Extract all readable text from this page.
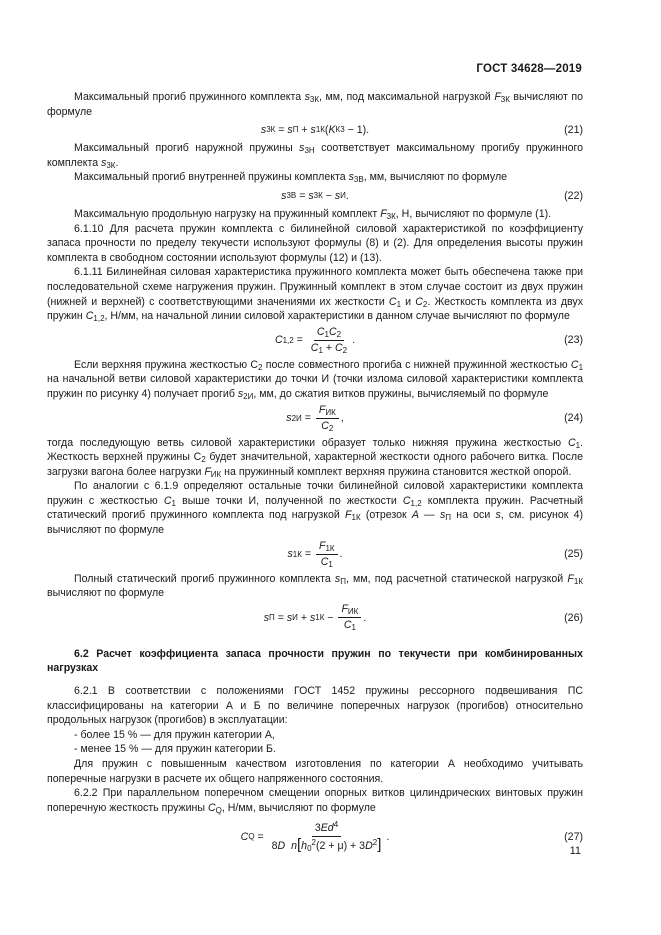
ГОСТ 34628—2019

Максимальный прогиб пружинного комплекта $s_{3К}$, мм, под максимальной нагрузкой $F_{3К}$ вычисляют по формуле

s 3К = s П + s 1К ( K К3 − 1).	(21)

Максимальный прогиб наружной пружины $s_{3Н}$ соответствует максимальному прогибу пружинного комплекта $s_{3К}$.

Максимальный прогиб внутренней пружины комплекта $s_{3В}$, мм, вычисляют по формуле

s 3В = s 3К − s И .	(22)

Максимальную продольную нагрузку на пружинный комплект $F_{3К}$, Н, вычисляют по формуле (1).

6.1.10 Для расчета пружин комплекта с билинейной силовой характеристикой по коэффициенту запаса прочности по пределу текучести используют формулы (8) и (2). Для определения высоты пружин комплекта в свободном состоянии используют формулы (12) и (13).

6.1.11 Билинейная силовая характеристика пружинного комплекта может быть обеспечена также при последовательной схеме нагружения пружин. Пружинный комплект в этом случае состоит из двух пружин (нижней и верхней) с соответствующими значениями их жесткости $C_1$ и $C_2$. Жесткость комплекта из двух пружин $C_{1,2}$, Н/мм, на начальной линии силовой характеристики в данном случае вычисляют по формуле

C $1,2 = \frac{C_1C_2}{C_1 + C_2}$ .	(23)

Если верхняя пружина жесткостью $C_2$ после совместного прогиба с нижней пружинной жесткостью $C_1$ на начальной ветви силовой характеристики до точки И (точки излома силовой характеристики комплекта пружин по рисунку 4) получает прогиб $s_{2И}$, мм, до сжатия витков пружины, вычисляемый по формуле

s $2И = \frac{F_{ИК}}{C_2}$ ,	(24)

тогда последующую ветвь силовой характеристики образует только нижняя пружина жесткостью $C_1$. Жесткость верхней пружины $C_2$ будет значительной, характерной жесткости одного рабочего витка. После загрузки вагона более нагрузки $F_{ИК}$ на пружинный комплект верхняя пружина становится жесткой опорой.

По аналогии с 6.1.9 определяют остальные точки билинейной силовой характеристики комплекта пружин с жесткостью $C_1$ выше точки И, полученной по жесткости $C_{1,2}$ комплекта пружин. Расчетный статический прогиб пружинного комплекта под нагрузкой $F_{1К}$ (отрезок A — $s_П$ на оси s, см. рисунок 4) вычисляют по формуле

s $1К = \frac{F_{1К}}{C_1}$ .	(25)

Полный статический прогиб пружинного комплекта $s_П$, мм, под расчетной статической нагрузкой $F_{1К}$ вычисляют по формуле

s П = s И + s $1К - \frac{F_{ИК}}{C_1}$ .	(26)

6.2 Расчет коэффициента запаса прочности пружин по текучести при комбинированных нагрузках

6.2.1 В соответствии с положениями ГОСТ 1452 пружины рессорного подвешивания ПС классифицированы на категории А и Б по величине поперечных нагрузок (прогибов) относительно продольных нагрузок (прогибов) в эксплуатации:

- более 15 % — для пружин категории А,

- менее 15 % — для пружин категории Б.

Для пружин с повышенным качеством изготовления по категории А необходимо учитывать поперечные нагрузки в расчете их общего напряженного состояния.

6.2.2 При параллельном поперечном смещении опорных витков цилиндрических винтовых пружин поперечную жесткость пружины $C_Q$, Н/мм, вычисляют по формуле

C $Q = \frac{3Ed^4}{8D n[h_0^2(2 + \mu) + 3D^2]}$ .	(27)
11
